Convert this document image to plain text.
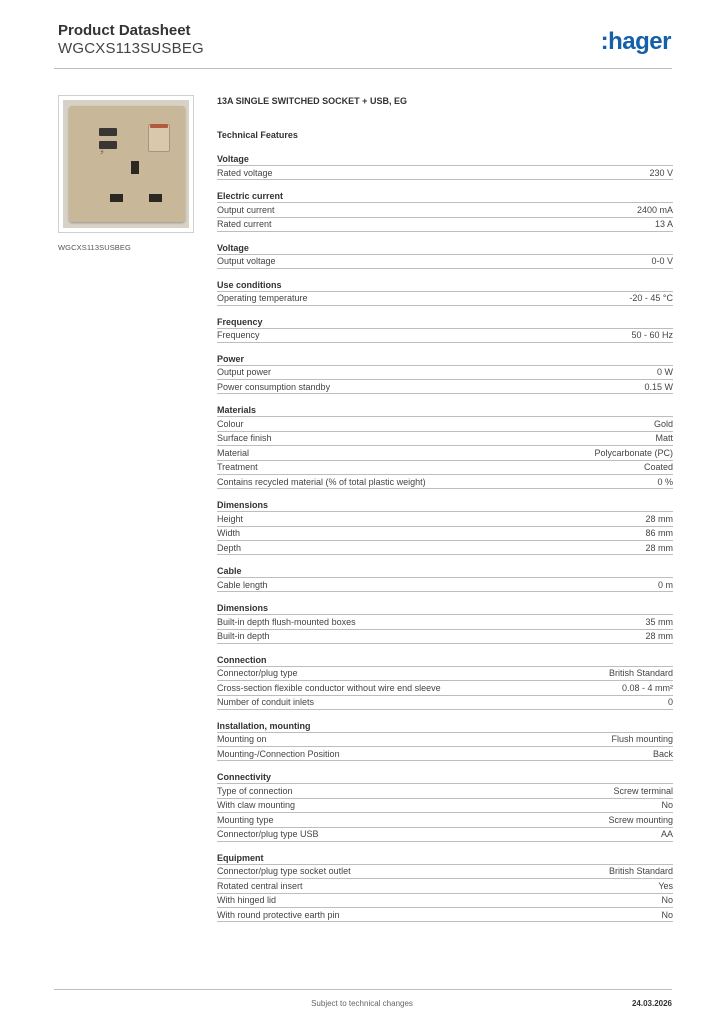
Product Datasheet
WGCXS113SUSBEG	:hager
⭍
WGCXS113SUSBEG
13A SINGLE SWITCHED SOCKET + USB, EG
Technical Features
Voltage
Rated voltage	230 V
Electric current
Output current	2400 mA
Rated current	13 A
Voltage
Output voltage	0-0 V
Use conditions
Operating temperature	-20 - 45 °C
Frequency
Frequency	50 - 60 Hz
Power
Output power	0 W
Power consumption standby	0.15 W
Materials
Colour	Gold
Surface finish	Matt
Material	Polycarbonate (PC)
Treatment	Coated
Contains recycled material (% of total plastic weight)	0 %
Dimensions
Height	28 mm
Width	86 mm
Depth	28 mm
Cable
Cable length	0 m
Dimensions
Built-in depth flush-mounted boxes	35 mm
Built-in depth	28 mm
Connection
Connector/plug type	British Standard
Cross-section flexible conductor without wire end sleeve	0.08 - 4 mm²
Number of conduit inlets	0
Installation, mounting
Mounting on	Flush mounting
Mounting-/Connection Position	Back
Connectivity
Type of connection	Screw terminal
With claw mounting	No
Mounting type	Screw mounting
Connector/plug type USB	AA
Equipment
Connector/plug type socket outlet	British Standard
Rotated central insert	Yes
With hinged lid	No
With round protective earth pin	No
Subject to technical changes	24.03.2026
